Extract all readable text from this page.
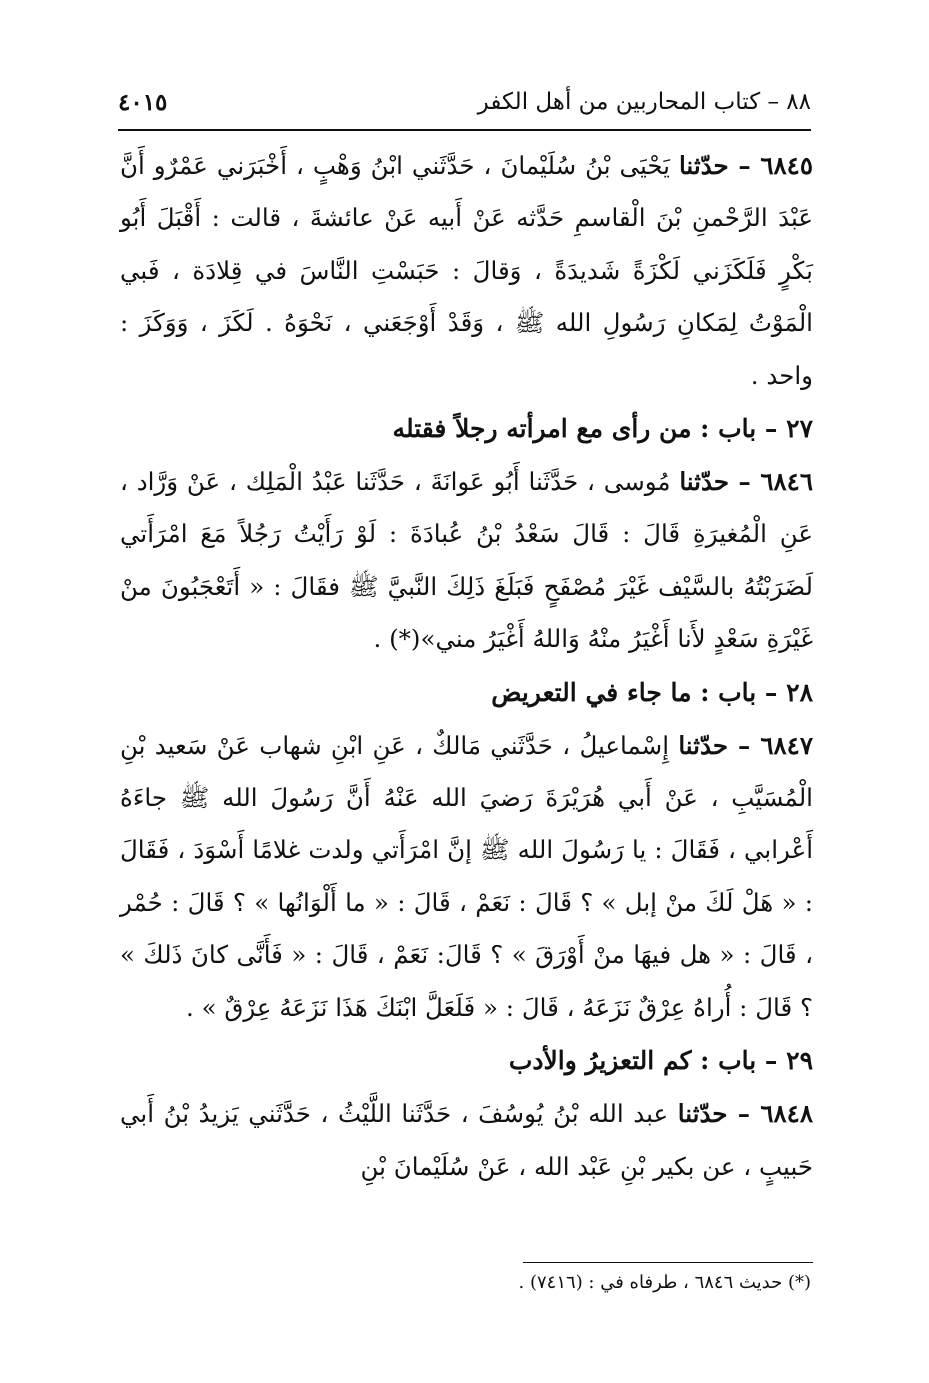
٨٨ – كتاب المحاربين من أهل الكفر
٤٠١٥

٦٨٤٥ – حدّثنا يَحْيَى بْنُ سُلَيْمانَ ، حَدَّثَني ابْنُ وَهْبٍ ، أَخْبَرَني عَمْرٌو أَنَّ عَبْدَ الرَّحْمنِ بْنَ الْقاسمِ حَدَّثه عَنْ أَبيه عَنْ عائشةَ ، قالت : أَقْبَلَ أَبُو بَكْرٍ فَلَكَزَني لَكْزَةً شَديدَةً ، وَقالَ : حَبَسْتِ النَّاسَ في قِلادَة ، فَبي الْمَوْتُ لِمَكانِ رَسُولِ الله ﷺ ، وَقَدْ أَوْجَعَني ، نَحْوَهُ . لَكَزَ ، وَوَكَزَ : واحد .

٢٧ – باب : من رأى مع امرأته رجلاً فقتله

٦٨٤٦ – حدّثنا مُوسى ، حَدَّثَنا أَبُو عَوانَةَ ، حَدَّثَنا عَبْدُ الْمَلِك ، عَنْ وَرَّاد ، عَنِ الْمُغيرَةِ قَالَ : قَالَ سَعْدُ بْنُ عُبادَةَ : لَوْ رَأَيْتُ رَجُلاً مَعَ امْرَأَتي لَضَرَبْتُهُ بالسَّيْف غَيْرَ مُصْفَحٍ فَبَلَغَ ذَلِكَ النَّبيَّ ﷺ فقَالَ : « أَتَعْجَبُونَ منْ غَيْرَةِ سَعْدٍ لأَنا أَغْيَرُ منْهُ وَاللهُ أَغْيَرُ مني»(*) .

٢٨ – باب : ما جاء في التعريض

٦٨٤٧ – حدّثنا إِسْماعيلُ ، حَدَّثَني مَالكٌ ، عَنِ ابْنِ شهاب عَنْ سَعيد بْنِ الْمُسَيَّبِ ، عَنْ أَبي هُرَيْرَةَ رَضيَ الله عَنْهُ أَنَّ رَسُولَ الله ﷺ جاءَهُ أَعْرابي ، فَقَالَ : يا رَسُولَ الله ﷺ إنَّ امْرَأَتي ولدت غلامًا أَسْوَدَ ، فَقَالَ : « هَلْ لَكَ منْ إبل » ؟ قَالَ : نَعَمْ ، قَالَ : « ما أَلْوَانُها » ؟ قَالَ : حُمْر ، قَالَ : « هل فيهَا منْ أَوْرَقَ » ؟ قَالَ: نَعَمْ ، قَالَ : « فَأَنَّى كانَ ذَلكَ » ؟ قَالَ : أُراهُ عِرْقٌ نَزَعَهُ ، قَالَ : « فَلَعَلَّ ابْنَكَ هَذَا نَزَعَهُ عِرْقٌ » .

٢٩ – باب : كم التعزيرُ والأدب

٦٨٤٨ – حدّثنا عبد الله بْنُ يُوسُفَ ، حَدَّثَنا اللَّيْثُ ، حَدَّثَني يَزيدُ بْنُ أَبي حَبيبٍ ، عن بكير بْنِ عَبْد الله ، عَنْ سُلَيْمانَ بْنِ

(*) حديث ٦٨٤٦ ، طرفاه في : (٧٤١٦) .
